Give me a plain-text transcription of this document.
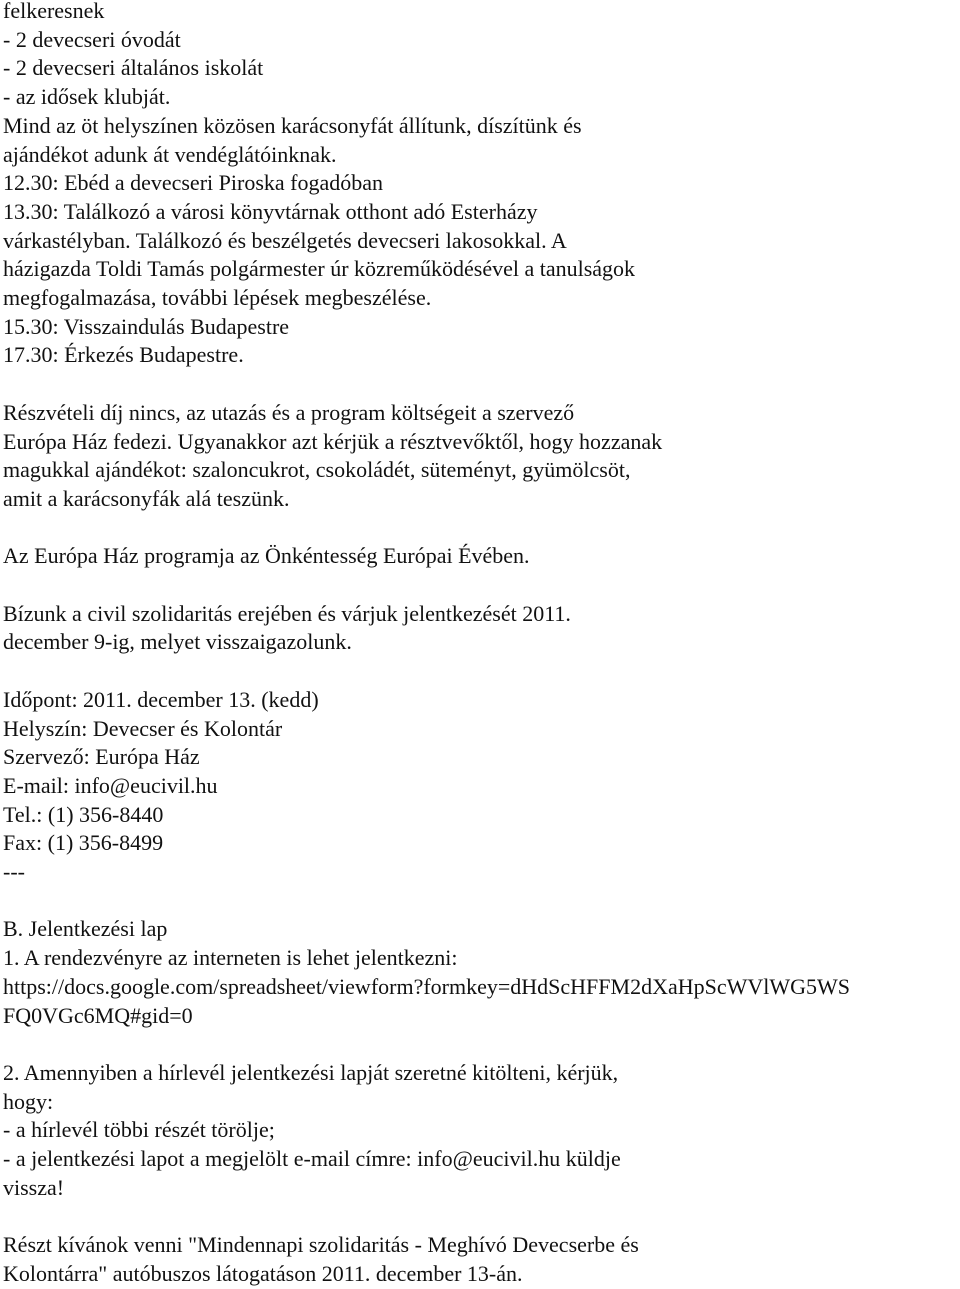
felkeresnek
- 2 devecseri óvodát
- 2 devecseri általános iskolát
- az idősek klubját.
Mind az öt helyszínen közösen karácsonyfát állítunk, díszítünk és
ajándékot adunk át vendéglátóinknak.
12.30: Ebéd a devecseri Piroska fogadóban
13.30: Találkozó a városi könyvtárnak otthont adó Esterházy
várkastélyban. Találkozó és beszélgetés devecseri lakosokkal. A
házigazda Toldi Tamás polgármester úr közreműködésével a tanulságok
megfogalmazása, további lépések megbeszélése.
15.30: Visszaindulás Budapestre
17.30: Érkezés Budapestre.
Részvételi díj nincs, az utazás és a program költségeit a szervező
Európa Ház fedezi. Ugyanakkor azt kérjük a résztvevőktől, hogy hozzanak
magukkal ajándékot: szaloncukrot, csokoládét, süteményt, gyümölcsöt,
amit a karácsonyfák alá teszünk.
Az Európa Ház programja az Önkéntesség Európai Évében.
Bízunk a civil szolidaritás erejében és várjuk jelentkezését 2011.
december 9-ig, melyet visszaigazolunk.
Időpont: 2011. december 13. (kedd)
Helyszín: Devecser és Kolontár
Szervező: Európa Ház
E-mail: info@eucivil.hu
Tel.: (1) 356-8440
Fax: (1) 356-8499
---
B. Jelentkezési lap
1. A rendezvényre az interneten is lehet jelentkezni:
https://docs.google.com/spreadsheet/viewform?formkey=dHdScHFFM2dXaHpScWVlWG5WS
FQ0VGc6MQ#gid=0
2. Amennyiben a hírlevél jelentkezési lapját szeretné kitölteni, kérjük,
hogy:
- a hírlevél többi részét törölje;
- a jelentkezési lapot a megjelölt e-mail címre: info@eucivil.hu küldje
vissza!
Részt kívánok venni "Mindennapi szolidaritás - Meghívó Devecserbe és
Kolontárra" autóbuszos látogatáson 2011. december 13-án.
